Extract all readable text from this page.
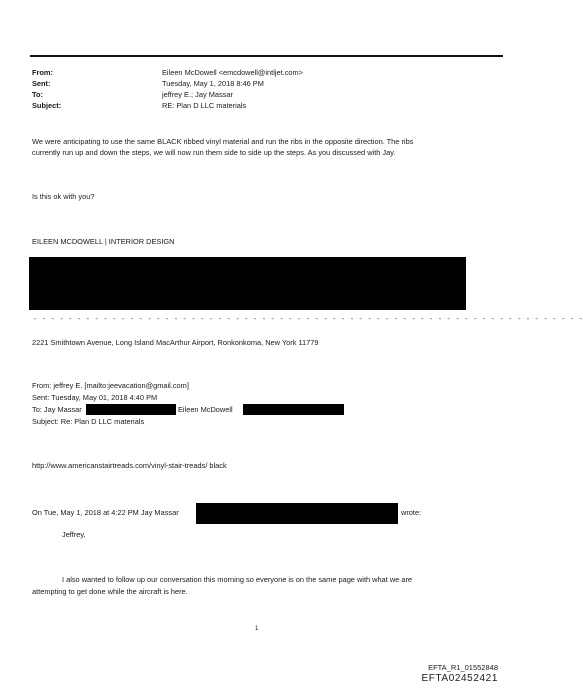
From:	Eileen McDowell <emcdowell@intljet.com>
Sent:	Tuesday, May 1, 2018 8:46 PM
To:	jeffrey E.; Jay Massar
Subject:	RE: Plan D LLC materials
We were anticipating to use the same BLACK ribbed vinyl material and run the ribs in the opposite direction. The ribs
currently run up and down the steps, we will now run them side to side up the steps. As you discussed with Jay.
Is this ok with you?
EILEEN MCDOWELL | INTERIOR DESIGN
- - - - - - - - - - - - - - - - - - - - - - - - - - - - - - - - - - - - - - - - - - - - - - - - - - - - - - - - - - - - - - -
2221 Smithtown Avenue, Long Island MacArthur Airport, Ronkonkoma, New York 11779
From: jeffrey E. [mailto:jeevacation@gmail.com]
Sent: Tuesday, May 01, 2018 4:40 PM
To: Jay Massar	Eileen McDowell
Subject: Re: Plan D LLC materials
http://www.americanstairtreads.com/vinyl-stair-treads/ black
On Tue, May 1, 2018 at 4:22 PM Jay Massar	wrote:
Jeffrey,
I also wanted to follow up our conversation this morning so everyone is on the same page with what we are
attempting to get done while the aircraft is here.
1
EFTA_R1_01552848
EFTA02452421
